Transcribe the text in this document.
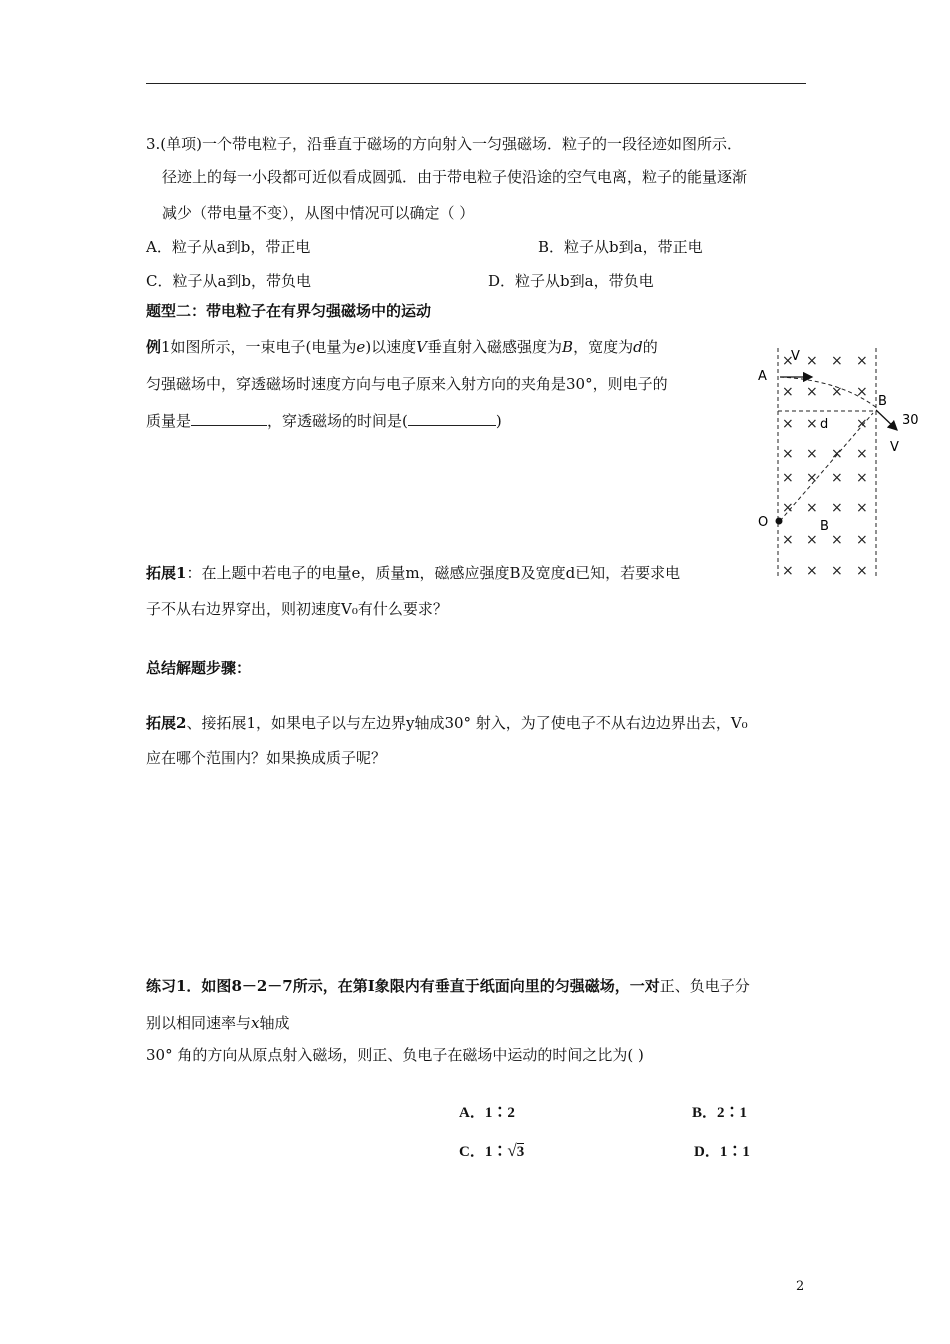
3.(单项)一个带电粒子，沿垂直于磁场的方向射入一匀强磁场．粒子的一段径迹如图所示．
径迹上的每一小段都可近似看成圆弧．由于带电粒子使沿途的空气电离，粒子的能量逐渐
减少（带电量不变），从图中情况可以确定（ ）
A．粒子从a到b，带正电	B．粒子从b到a，带正电
C．粒子从a到b，带负电	D．粒子从b到a，带负电
题型二：带电粒子在有界匀强磁场中的运动
例1如图所示，一束电子(电量为e)以速度V垂直射入磁感强度为B，宽度为d的
匀强磁场中，穿透磁场时速度方向与电子原来入射方向的夹角是30°，则电子的
质量是	，穿透磁场的时间是(	)
A
V
B
30
V
d
O	B
× × × ×
× × × ×
× ×	×
× × × ×
× × × ×
× × × ×
× × × ×
× × × ×
拓展1：在上题中若电子的电量e，质量m，磁感应强度B及宽度d已知，若要求电
子不从右边界穿出，则初速度V₀有什么要求？
总结解题步骤：
拓展2、接拓展1，如果电子以与左边界y轴成30° 射入，为了使电子不从右边边界出去，V₀
应在哪个范围内？如果换成质子呢？
练习1．如图8－2－7所示，在第Ⅰ象限内有垂直于纸面向里的匀强磁场，一对正、负电子分
别以相同速率与x轴成
30° 角的方向从原点射入磁场，则正、负电子在磁场中运动的时间之比为( )
A．1∶2	B．2∶1
C．1∶√3	D．1∶1
2
